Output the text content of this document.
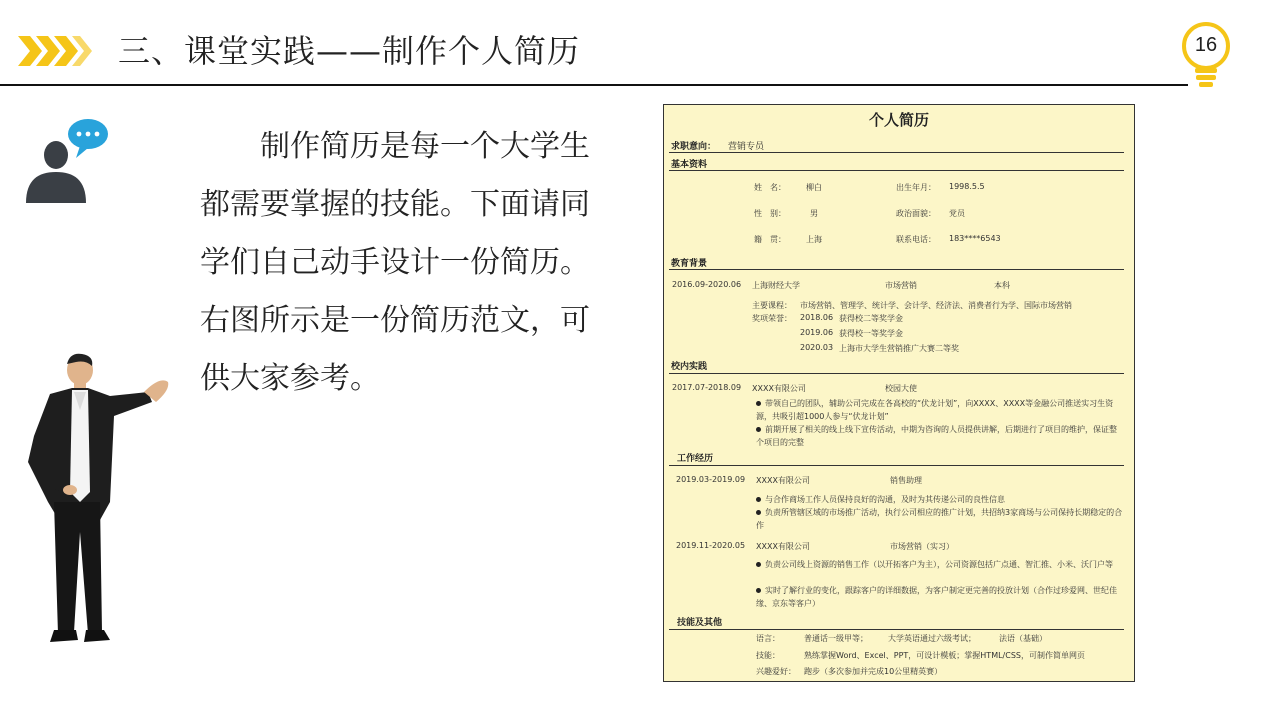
三、课堂实践——制作个人简历	16
制作简历是每一个大学生都需要掌握的技能。下面请同学们自己动手设计一份简历。右图所示是一份简历范文，可供大家参考。
个人简历
求职意向： 营销专员
基本资料
姓　名：	柳白	出生年月： 1998.5.5
性　别：	男	政治面貌： 党员
籍　贯：	上海	联系电话： 183****6543
教育背景
2016.09-2020.06 上海财经大学	市场营销	本科
主要课程： 市场营销、管理学、统计学、会计学、经济法、消费者行为学、国际市场营销
奖项荣誉： 2018.06 获得校二等奖学金
2019.06 获得校一等奖学金
2020.03 上海市大学生营销推广大赛二等奖
校内实践
2017.07-2018.09 XXXX有限公司	校园大使
带领自己的团队，辅助公司完成在各高校的“伏龙计划”，向XXXX、XXXX等金融公司推送实习生资源，共吸引超1000人参与“伏龙计划”
前期开展了相关的线上线下宣传活动，中期为咨询的人员提供讲解，后期进行了项目的维护，保证整个项目的完整
工作经历
2019.03-2019.09 XXXX有限公司	销售助理
与合作商场工作人员保持良好的沟通，及时为其传递公司的良性信息
负责所管辖区域的市场推广活动，执行公司相应的推广计划，共招纳3家商场与公司保持长期稳定的合作
2019.11-2020.05 XXXX有限公司	市场营销（实习）
负责公司线上资源的销售工作（以开拓客户为主），公司资源包括广点通、智汇推、小米、沃门户等
实时了解行业的变化，跟踪客户的详细数据，为客户制定更完善的投放计划（合作过珍爱网、世纪佳缘、京东等客户）
技能及其他
语言：	普通话一级甲等；	大学英语通过六级考试；	法语（基础）
技能：	熟练掌握Word、Excel、PPT，可设计模板；掌握HTML/CSS，可制作简单网页
兴趣爱好： 跑步（多次参加并完成10公里精英赛）
